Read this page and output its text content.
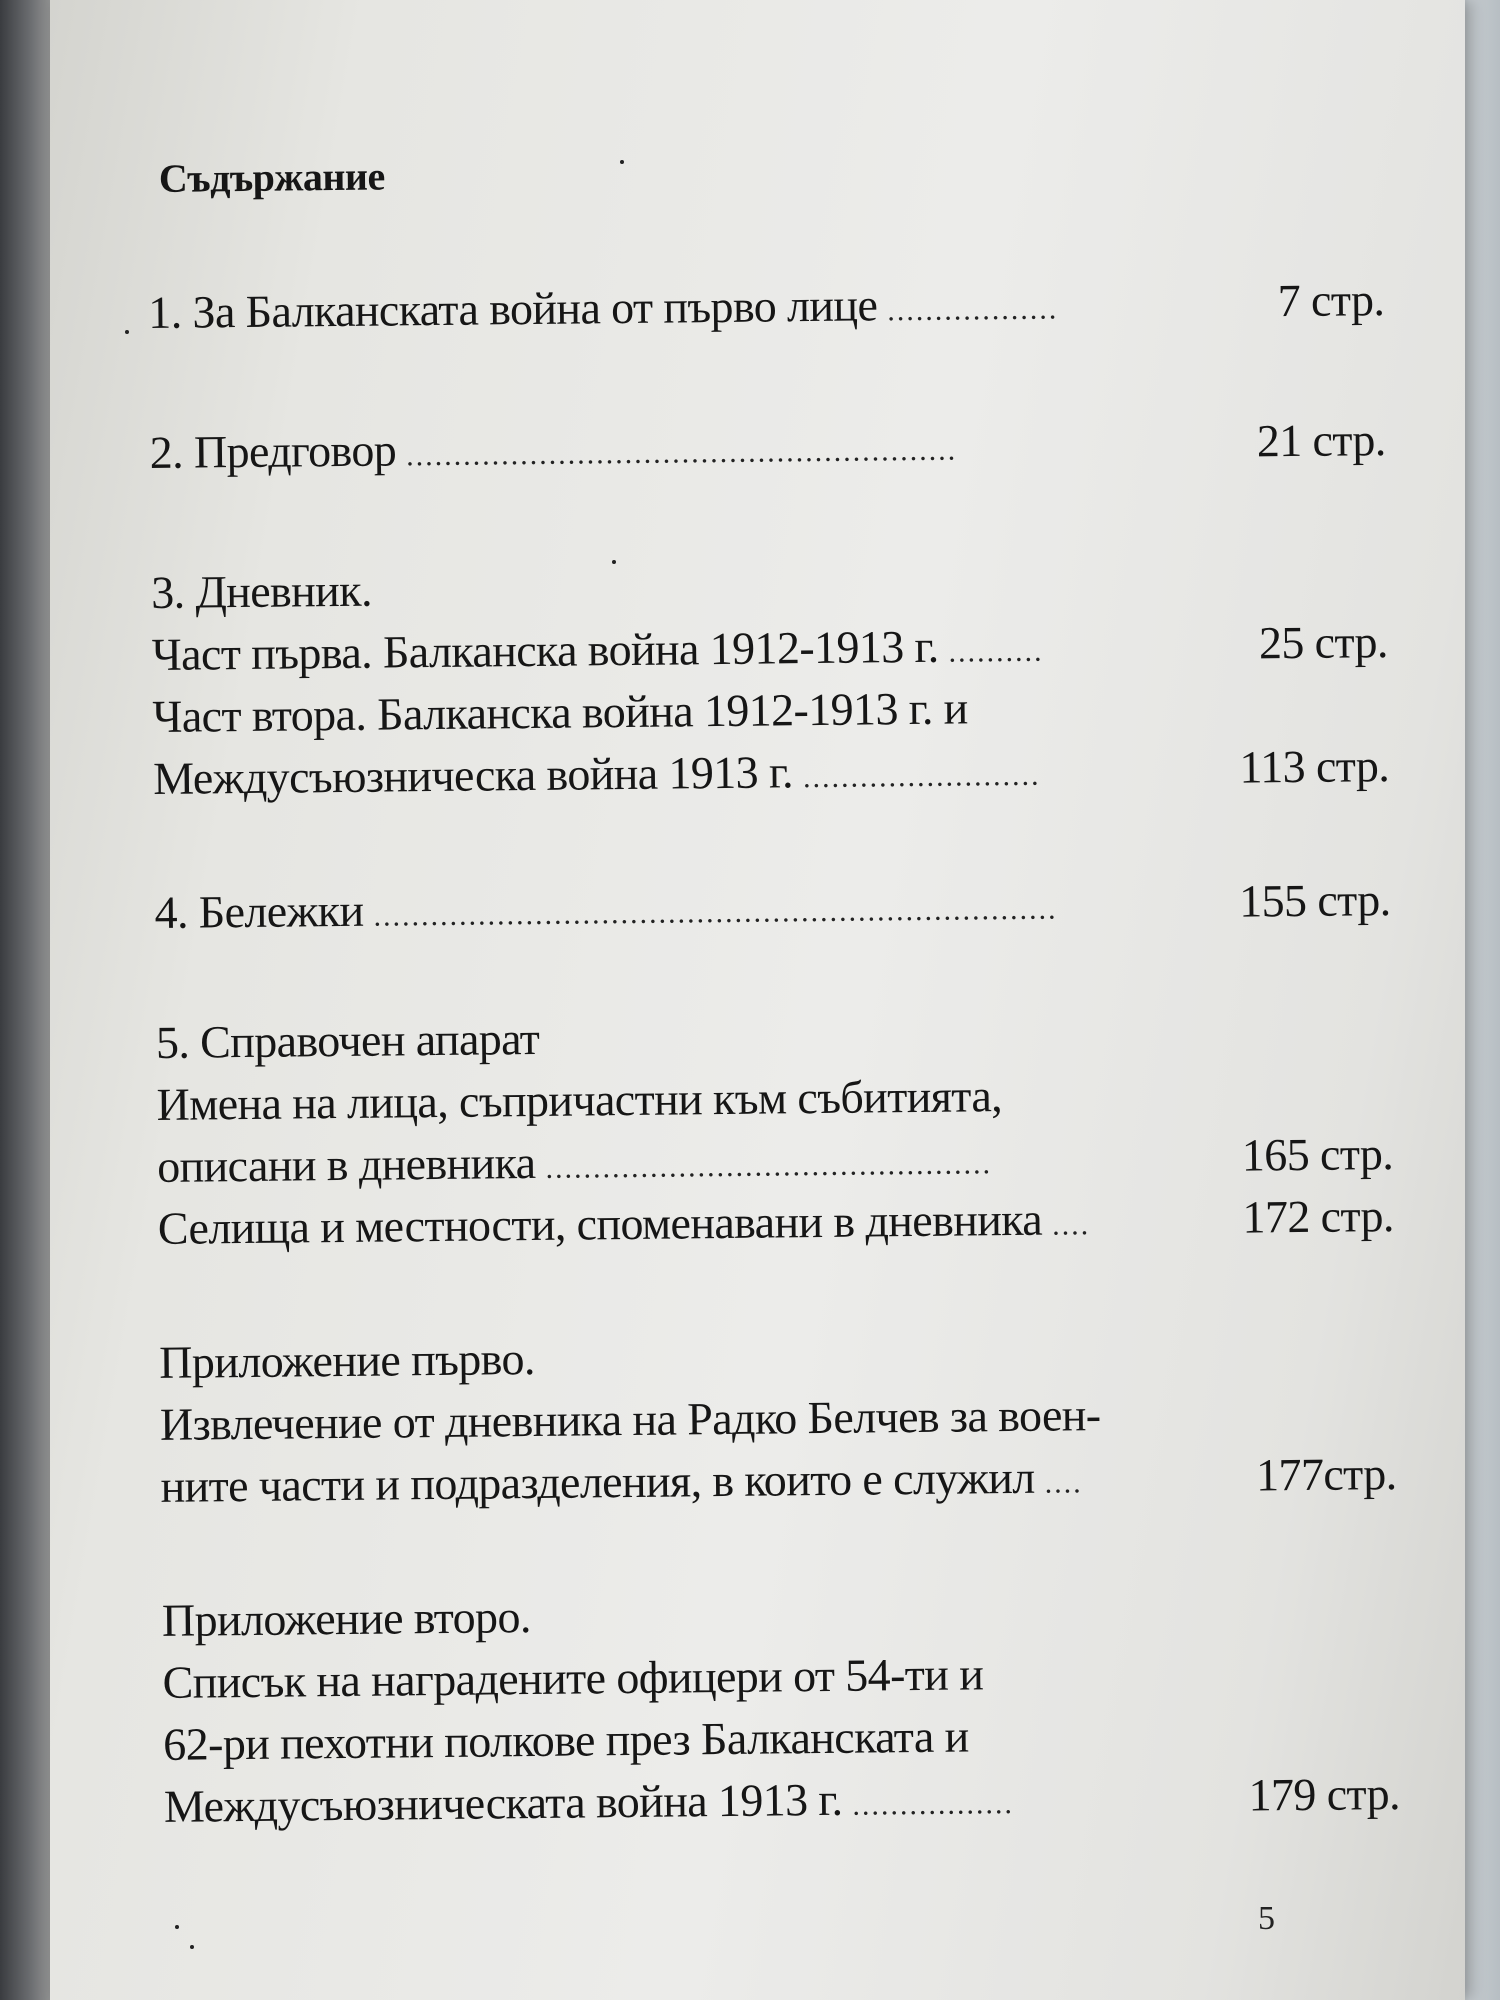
Съдържание
1. За Балканската война от първо лице ..................	7 стр.
2. Предговор ..........................................................	21 стр.
3. Дневник.
Част първа. Балканска война 1912-1913 г. ..........	25 стр.
Част втора. Балканска война 1912-1913 г. и
Междусъюзническа война 1913 г. .........................	113 стр.
4. Бележки ........................................................................	155 стр.
5. Справочен апарат
Имена на лица, съпричастни към събитията,
описани в дневника ...............................................	165 стр.
Селища и местности, споменавани в дневника ....	172 стр.
Приложение първо.
Извлечение от дневника на Радко Белчев за воен-
ните части и подразделения, в които е служил ....	177стр.
Приложение второ.
Списък на наградените офицери от 54-ти и
62-ри пехотни полкове през Балканската и
Междусъюзническата война 1913 г. .................	179 стр.
5
